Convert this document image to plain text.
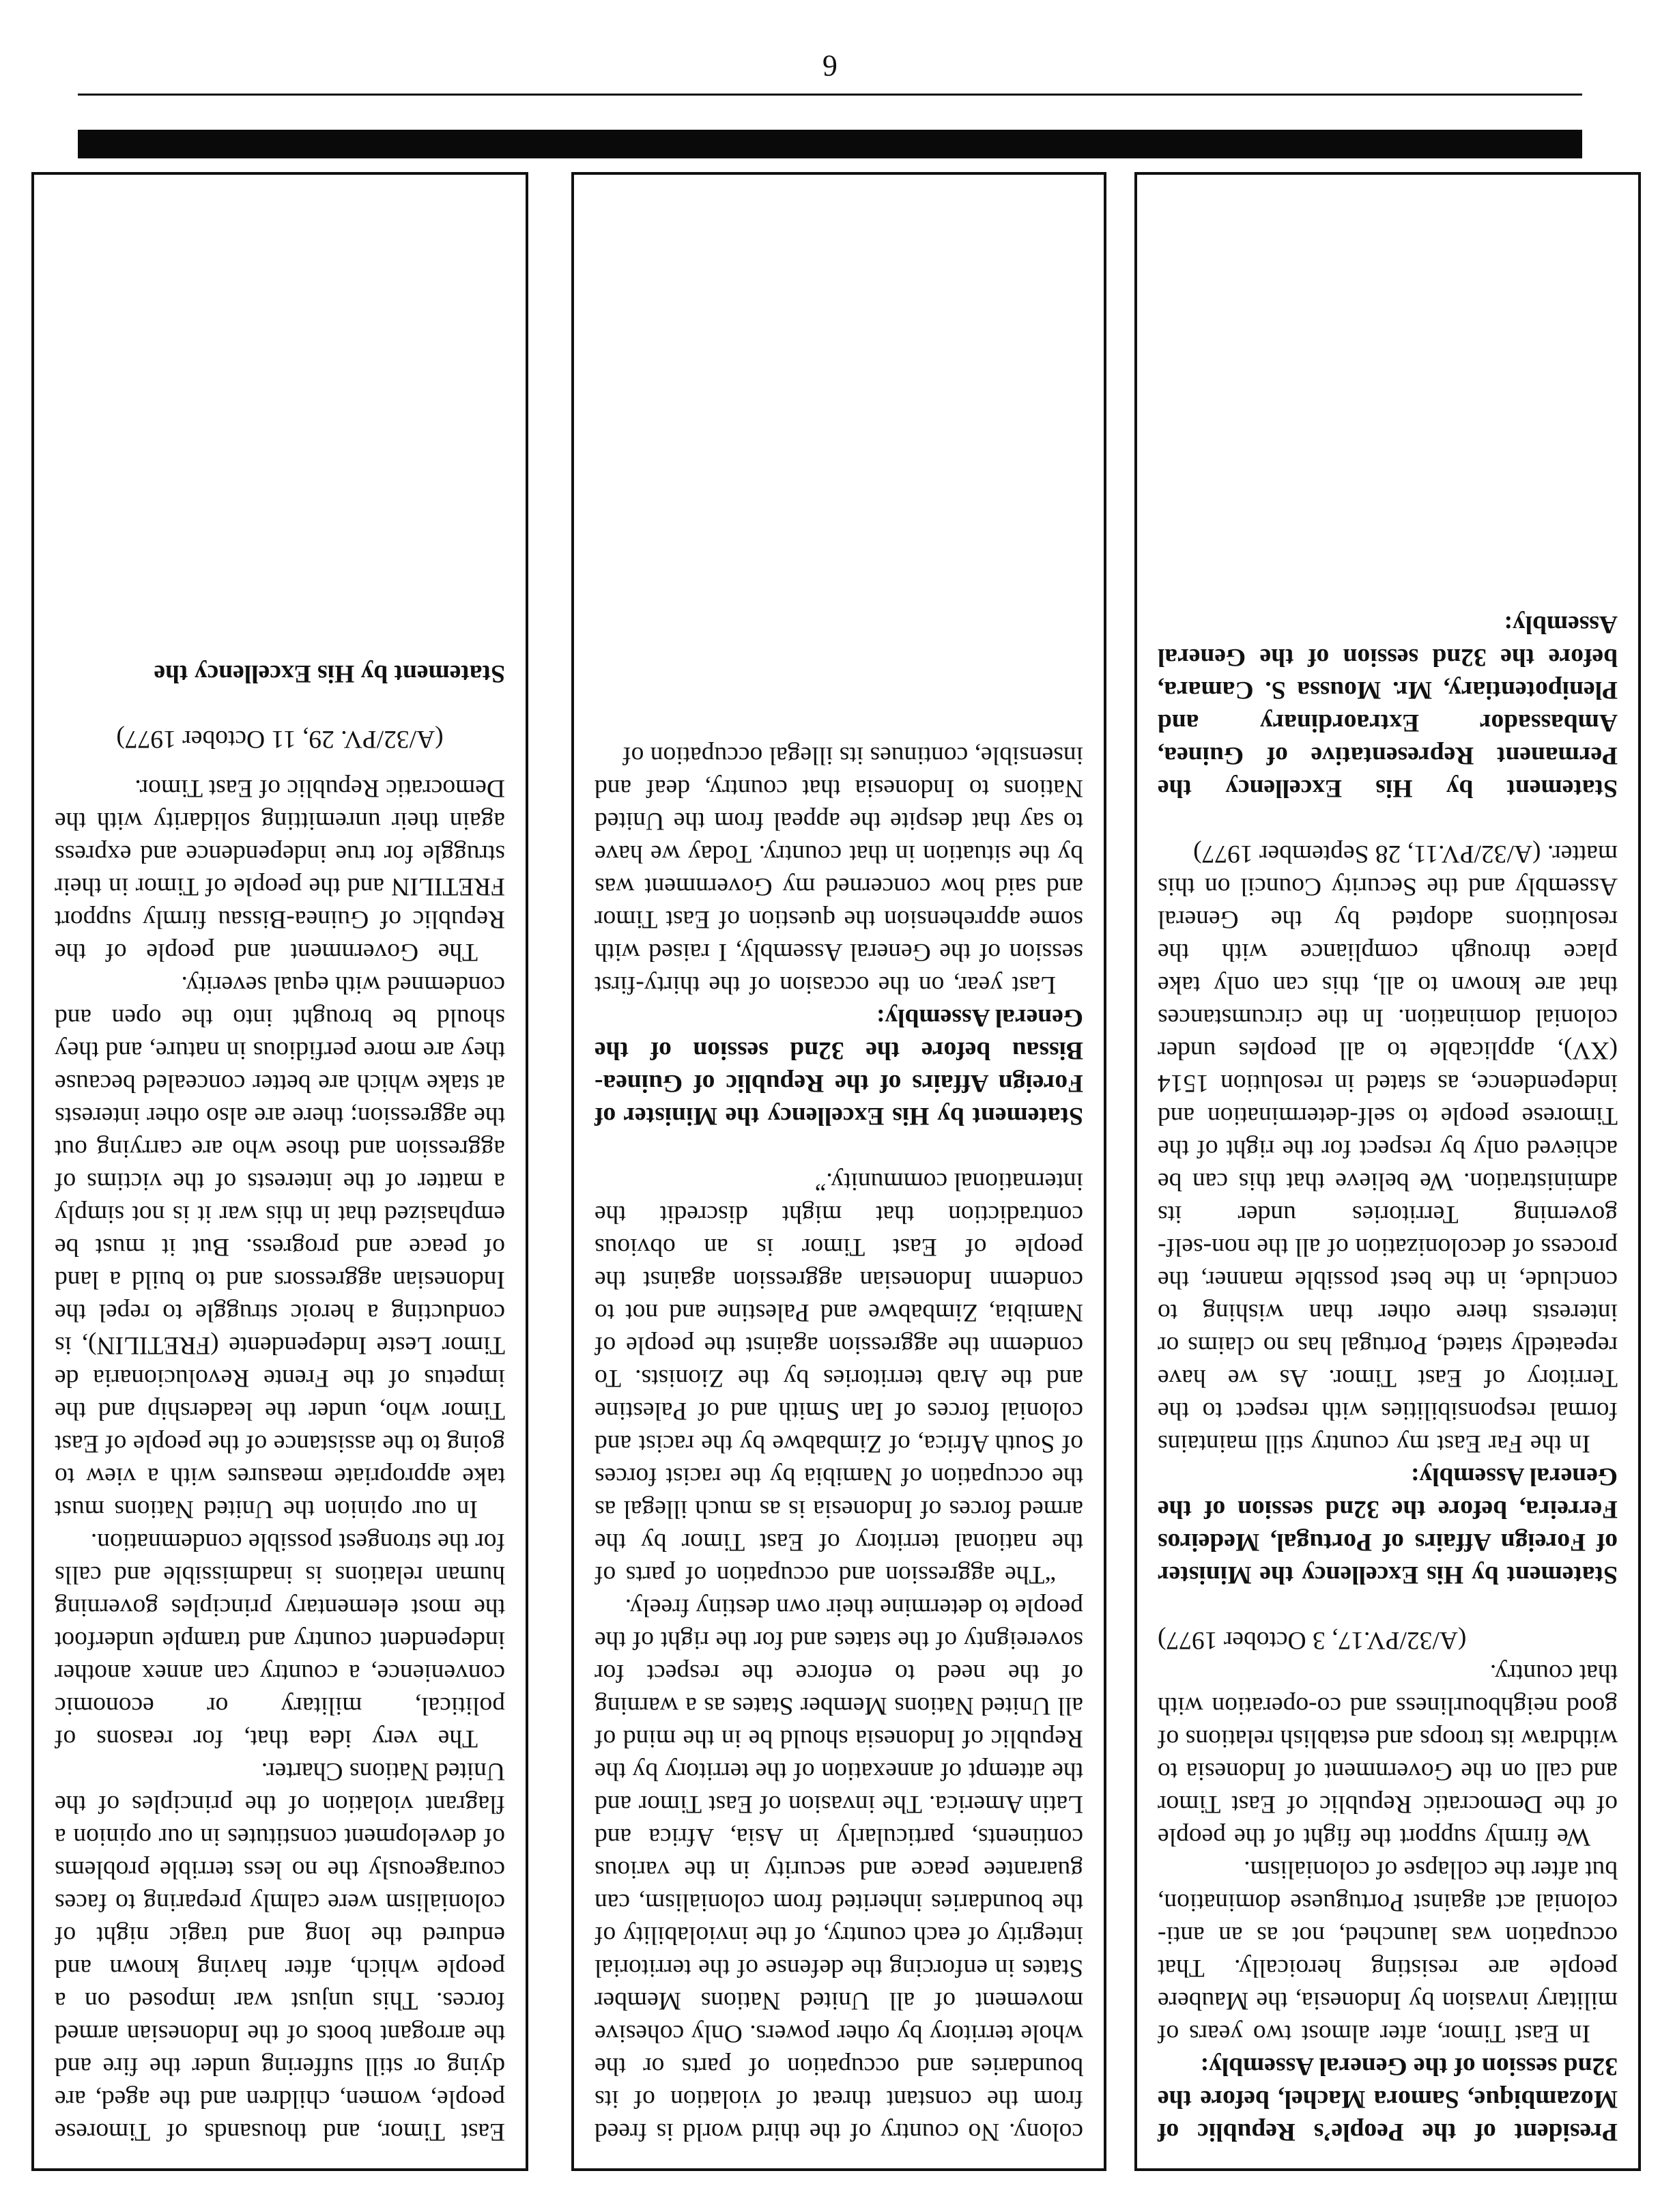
6

colony. No country of the third world is freed from the constant threat of violation of its boundaries and occupation of parts or the whole territory by other powers. Only cohesive movement of all United Nations Member States in enforcing the defense of the territorial integrity of each country, of the inviolability of the boundaries inherited from colonialism, can guarantee peace and security in the various continents, particularly in Asia, Africa and Latin America. The invasion of East Timor and the attempt of annexation of the territory by the Republic of Indonesia should be in the mind of all United Nations Member States as a warning of the need to enforce the respect for sovereignty of the states and for the right of the people to determine their own destiny freely.

“The aggression and occupation of parts of the national territory of East Timor by the armed forces of Indonesia is as much illegal as the occupation of Namibia by the racist forces of South Africa, of Zimbabwe by the racist and colonial forces of Ian Smith and of Palestine and the Arab territories by the Zionists. To condemn the aggression against the people of Namibia, Zimbabwe and Palestine and not to condemn Indonesian aggression against the people of East Timor is an obvious contradiction that might discredit the international community.”

Statement by His Excellency the Minister of Foreign Affairs of the Republic of Guinea-Bissau before the 32nd session of the General Assembly:

Last year, on the occasion of the thirty-first session of the General Assembly, I raised with some apprehension the question of East Timor and said how concerned my Government was by the situation in that country. Today we have to say that despite the appeal from the United Nations to Indonesia that country, deaf and insensible, continues its illegal occupation of

East Timor, and thousands of Timorese people, women, children and the aged, are dying or still suffering under the fire and the arrogant boots of the Indonesian armed forces. This unjust war imposed on a people which, after having known and endured the long and tragic night of colonialism were calmly preparing to faces courageously the no less terrible problems of development constitutes in our opinion a flagrant violation of the principles of the United Nations Charter.

The very idea that, for reasons of political, military or economic convenience, a country can annex another independent country and trample underfoot the most elementary principles governing human relations is inadmissible and calls for the strongest possible condemnation.

In our opinion the United Nations must take appropriate measures with a view to going to the assistance of the people of East Timor who, under the leadership and the impetus of the Frente Revolucionaria de Timor Leste Independente (FRETILIN), is conducting a heroic struggle to repel the Indonesian aggressors and to build a land of peace and progress. But it must be emphasized that in this war it is not simply a matter of the interests of the victims of aggression and those who are carrying out the aggression; there are also other interests at stake which are better concealed because they are more perfidious in nature, and they should be brought into the open and condemned with equal severity.

The Government and people of the Republic of Guinea-Bissau firmly support FRETILIN and the people of Timor in their struggle for true independence and express again their unremitting solidarity with the Democratic Republic of East Timor.

(A/32/PV. 29, 11 October 1977)

Statement by His Excellency the
President of the People’s Republic of Mozambique, Samora Machel, before the 32nd session of the General Assembly:

In East Timor, after almost two years of military invasion by Indonesia, the Maubere people are resisting heroically. That occupation was launched, not as an anti-colonial act against Portuguese domination, but after the collapse of colonialism.

We firmly support the fight of the people of the Democratic Republic of East Timor and call on the Government of Indonesia to withdraw its troops and establish relations of good neighbourliness and co-operation with that country.

(A/32/PV.17, 3 October 1977)

Statement by His Excellency the Minister of Foreign Affairs of Portugal, Medeiros Ferreira, before the 32nd session of the General Assembly:

In the Far East my country still maintains formal responsibilities with respect to the Territory of East Timor. As we have repeatedly stated, Portugal has no claims or interests there other than wishing to conclude, in the best possible manner, the process of decolonization of all the non-self-governing Territories under its administration. We believe that this can be achieved only by respect for the right of the Timorese people to self-determination and independence, as stated in resolution 1514 (XV), applicable to all peoples under colonial domination. In the circumstances that are known to all, this can only take place through compliance with the resolutions adopted by the General Assembly and the Security Council on this matter. (A/32/PV.11, 28 September 1977)

Statement by His Excellency the Permanent Representative of Guinea, Ambassador Extraordinary and Plenipotentiary, Mr. Moussa S. Camara, before the 32nd session of the General Assembly:
